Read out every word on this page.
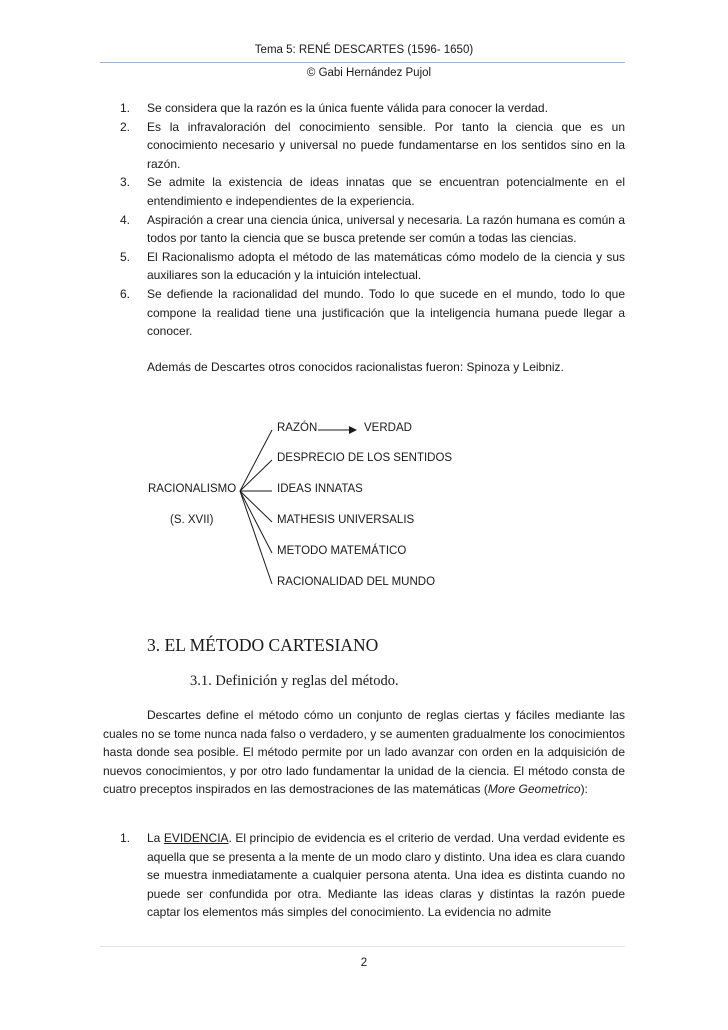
Tema 5: RENÉ DESCARTES (1596- 1650)
© Gabi Hernández Pujol
1. Se considera que la razón es la única fuente válida para conocer la verdad.
2. Es la infravaloración del conocimiento sensible. Por tanto la ciencia que es un conocimiento necesario y universal no puede fundamentarse en los sentidos sino en la razón.
3. Se admite la existencia de ideas innatas que se encuentran potencialmente en el entendimiento e independientes de la experiencia.
4. Aspiración a crear una ciencia única, universal y necesaria. La razón humana es común a todos por tanto la ciencia que se busca pretende ser común a todas las ciencias.
5. El Racionalismo adopta el método de las matemáticas cómo modelo de la ciencia y sus auxiliares son la educación y la intuición intelectual.
6. Se defiende la racionalidad del mundo. Todo lo que sucede en el mundo, todo lo que compone la realidad tiene una justificación que la inteligencia humana puede llegar a conocer.
Además de Descartes otros conocidos racionalistas fueron: Spinoza y Leibniz.
RAZÓN	VERDAD
DESPRECIO DE LOS SENTIDOS
RACIONALISMO	IDEAS INNATAS
(S. XVII)	MATHESIS UNIVERSALIS
METODO MATEMÁTICO
RACIONALIDAD DEL MUNDO
3. EL MÉTODO CARTESIANO
3.1. Definición y reglas del método.
Descartes define el método cómo un conjunto de reglas ciertas y fáciles mediante las cuales no se tome nunca nada falso o verdadero, y se aumenten gradualmente los conocimientos hasta donde sea posible. El método permite por un lado avanzar con orden en la adquisición de nuevos conocimientos, y por otro lado fundamentar la unidad de la ciencia. El método consta de cuatro preceptos inspirados en las demostraciones de las matemáticas (More Geometrico):
1. La EVIDENCIA. El principio de evidencia es el criterio de verdad. Una verdad evidente es aquella que se presenta a la mente de un modo claro y distinto. Una idea es clara cuando se muestra inmediatamente a cualquier persona atenta. Una idea es distinta cuando no puede ser confundida por otra. Mediante las ideas claras y distintas la razón puede captar los elementos más simples del conocimiento. La evidencia no admite
2
